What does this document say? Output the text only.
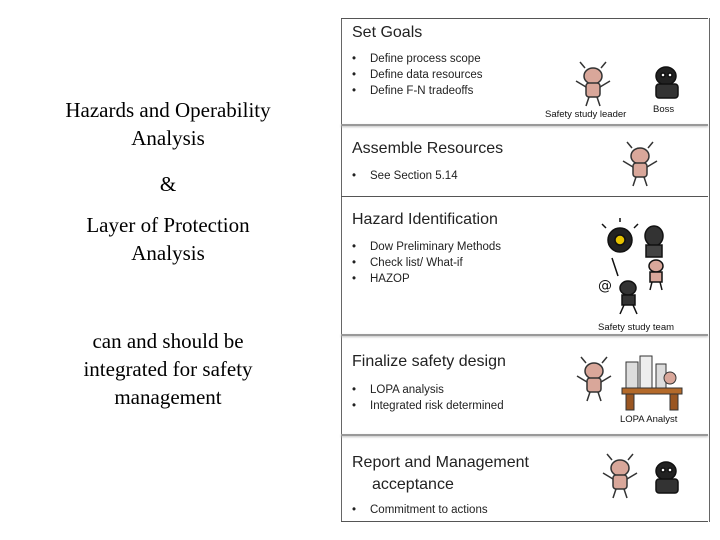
Hazards and Operability
Analysis
&
Layer of Protection
Analysis
can and should be
integrated for safety
management
Set Goals
• Define process scope
• Define data resources
• Define F-N tradeoffs
Safety study leader	Boss
Assemble Resources
• See Section 5.14
Hazard Identification
• Dow Preliminary Methods
• Check list/ What-if
• HAZOP	@
Safety study team
Finalize safety design
• LOPA analysis
• Integrated risk determined
LOPA Analyst
Report and Management
acceptance
• Commitment to actions
